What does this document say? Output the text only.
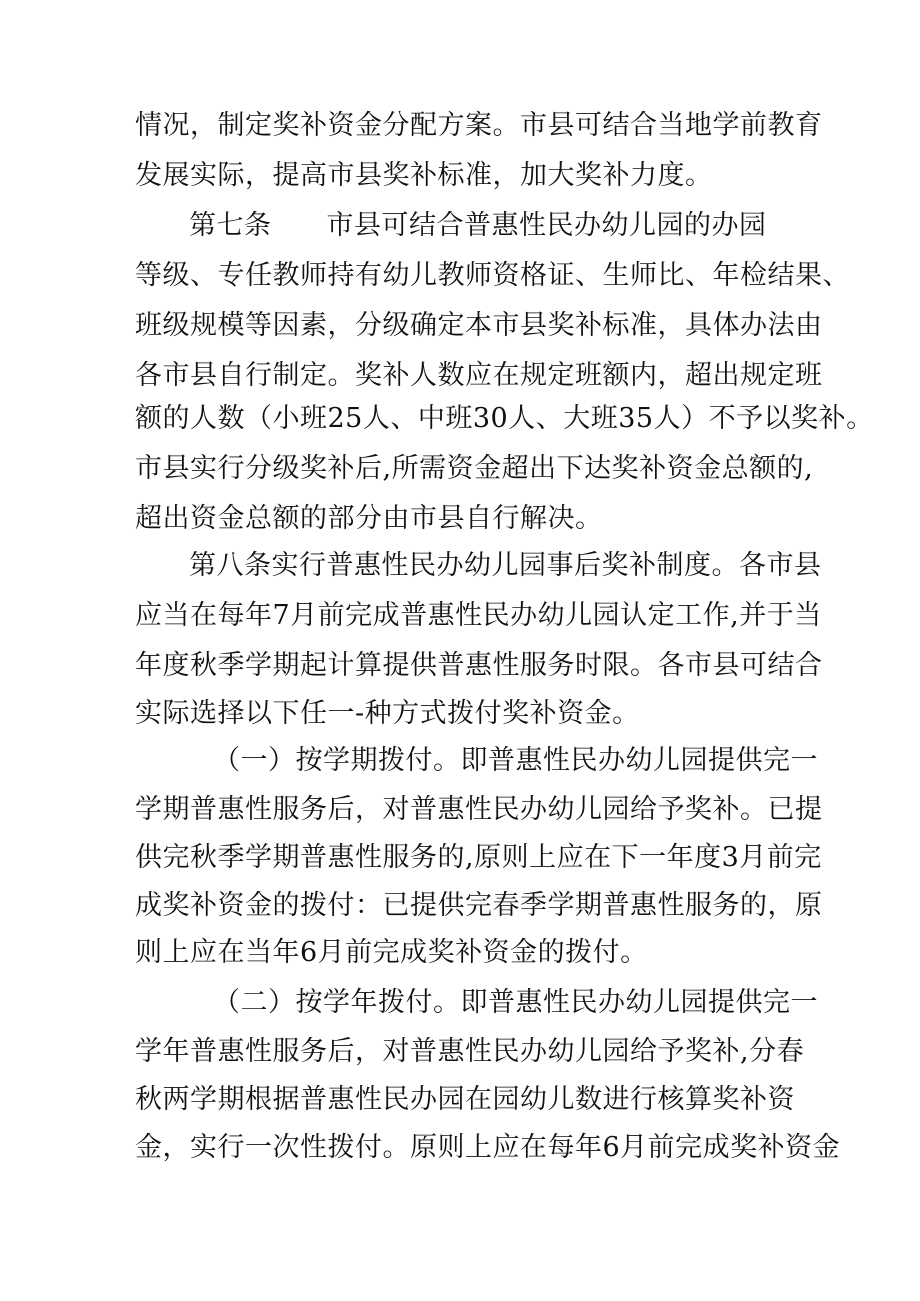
情况，制定奖补资金分配方案。市县可结合当地学前教育
发展实际，提高市县奖补标准，加大奖补力度。
第七条　　市县可结合普惠性民办幼儿园的办园
等级、专任教师持有幼儿教师资格证、生师比、年检结果、
班级规模等因素，分级确定本市县奖补标准，具体办法由
各市县自行制定。奖补人数应在规定班额内，超出规定班
额的人数（小班25人、中班30人、大班35人）不予以奖补。
市县实行分级奖补后,所需资金超出下达奖补资金总额的,
超出资金总额的部分由市县自行解决。
第八条实行普惠性民办幼儿园事后奖补制度。各市县
应当在每年7月前完成普惠性民办幼儿园认定工作,并于当
年度秋季学期起计算提供普惠性服务时限。各市县可结合
实际选择以下任一-种方式拨付奖补资金。
（一）按学期拨付。即普惠性民办幼儿园提供完一
学期普惠性服务后，对普惠性民办幼儿园给予奖补。已提
供完秋季学期普惠性服务的,原则上应在下一年度3月前完
成奖补资金的拨付：已提供完春季学期普惠性服务的，原
则上应在当年6月前完成奖补资金的拨付。
（二）按学年拨付。即普惠性民办幼儿园提供完一
学年普惠性服务后，对普惠性民办幼儿园给予奖补,分春
秋两学期根据普惠性民办园在园幼儿数进行核算奖补资
金，实行一次性拨付。原则上应在每年6月前完成奖补资金
